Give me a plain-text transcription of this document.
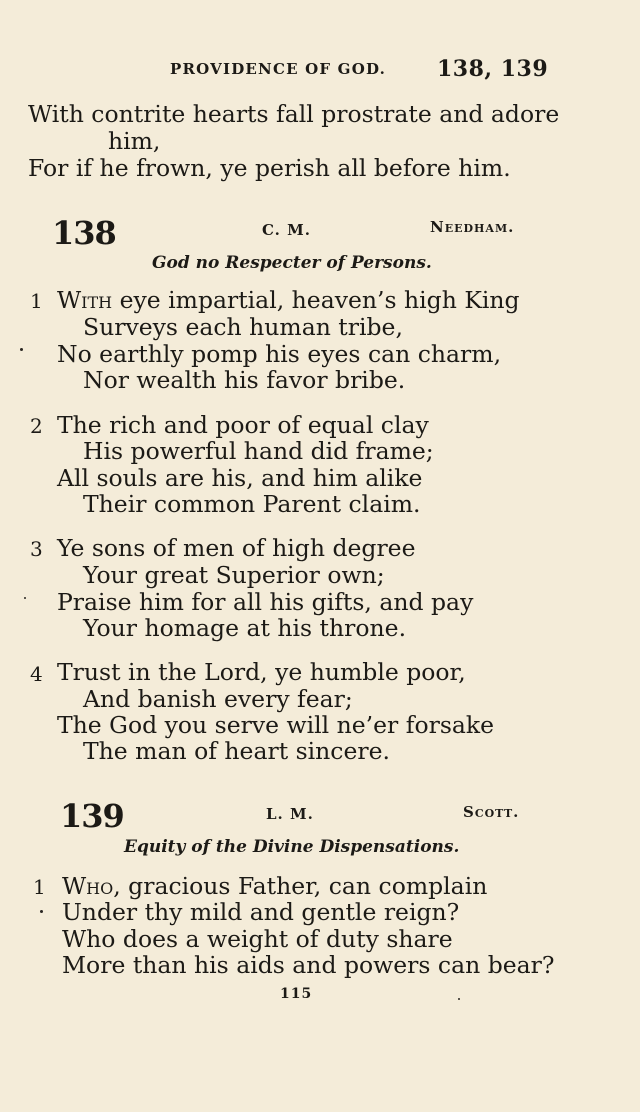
PROVIDENCE OF GOD. 138, 139
With contrite hearts fall prostrate and adore
him,
For if he frown, ye perish all before him.
138	C. M.	Needham.
God no Respecter of Persons.
1 With eye impartial, heaven’s high King
Surveys each human tribe,
No earthly pomp his eyes can charm,
Nor wealth his favor bribe.
2 The rich and poor of equal clay
His powerful hand did frame;
All souls are his, and him alike
Their common Parent claim.
3 Ye sons of men of high degree
Your great Superior own;
Praise him for all his gifts, and pay
Your homage at his throne.
4 Trust in the Lord, ye humble poor,
And banish every fear;
The God you serve will ne’er forsake
The man of heart sincere.
139	L. M.	Scott.
Equity of the Divine Dispensations.
1 Who, gracious Father, can complain
Under thy mild and gentle reign?
Who does a weight of duty share
More than his aids and powers can bear?
115
